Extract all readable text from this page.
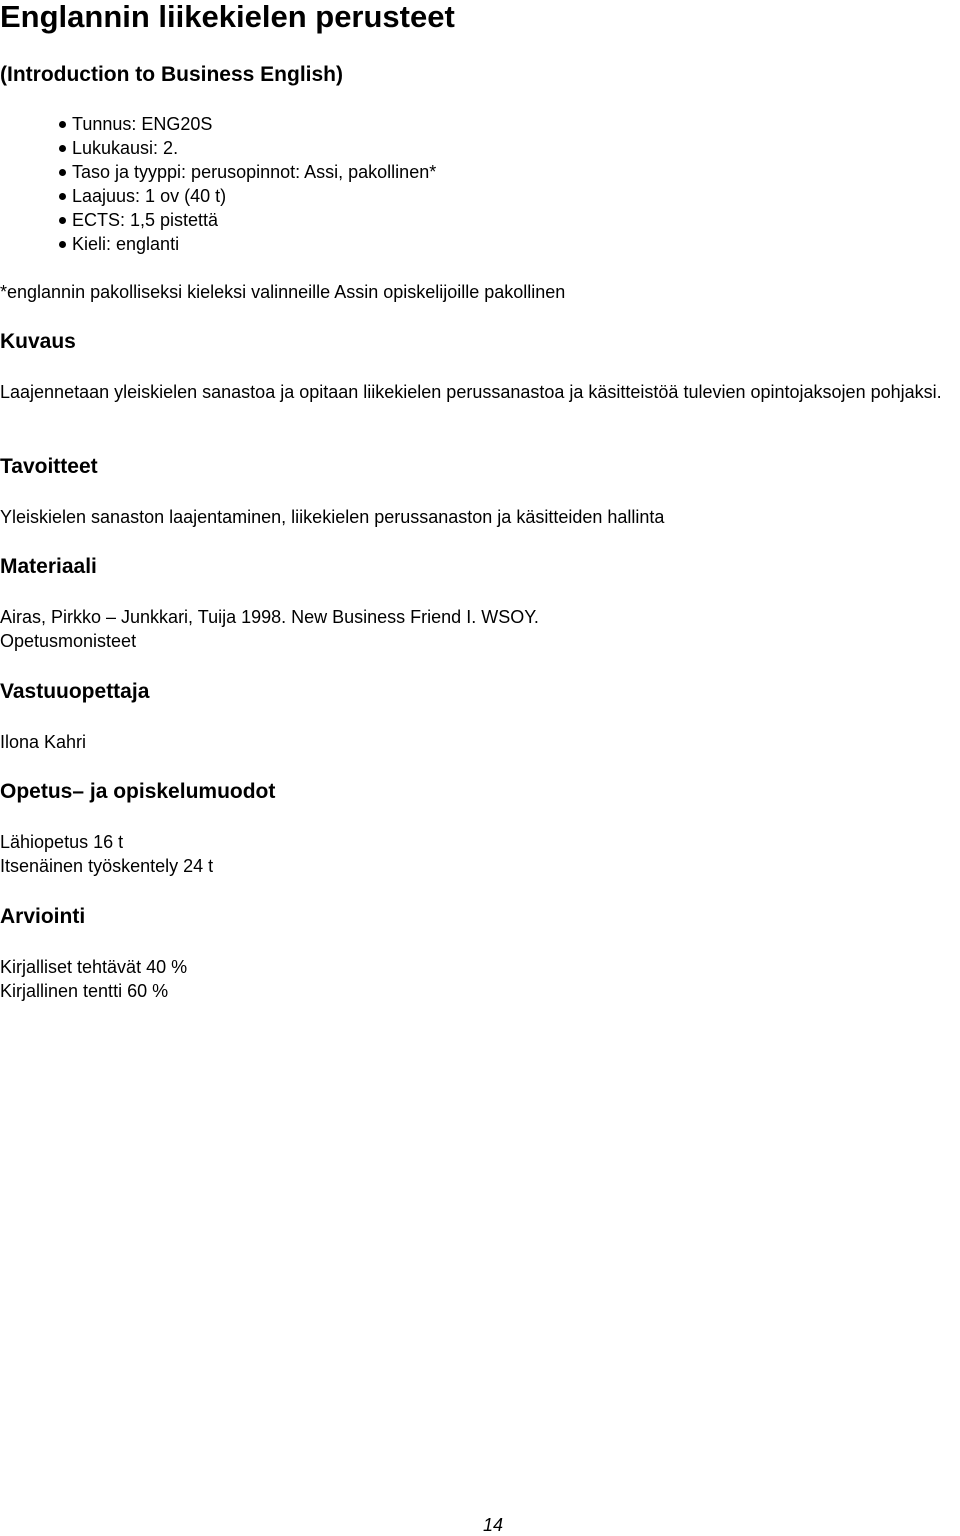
Englannin liikekielen perusteet
(Introduction to Business English)
Tunnus: ENG20S
Lukukausi: 2.
Taso ja tyyppi: perusopinnot: Assi, pakollinen*
Laajuus: 1 ov (40 t)
ECTS: 1,5 pistettä
Kieli: englanti

*englannin pakolliseksi kieleksi valinneille Assin opiskelijoille pakollinen

Kuvaus

Laajennetaan yleiskielen sanastoa ja opitaan liikekielen perussanastoa ja käsitteistöä tulevien opintojaksojen pohjaksi.

Tavoitteet

Yleiskielen sanaston laajentaminen, liikekielen perussanaston ja käsitteiden hallinta

Materiaali

Airas, Pirkko – Junkkari, Tuija 1998. New Business Friend I. WSOY.

Opetusmonisteet

Vastuuopettaja

Ilona Kahri

Opetus– ja opiskelumuodot

Lähiopetus 16 t

Itsenäinen työskentely 24 t

Arviointi

Kirjalliset tehtävät 40 %

Kirjallinen tentti 60 %

14
